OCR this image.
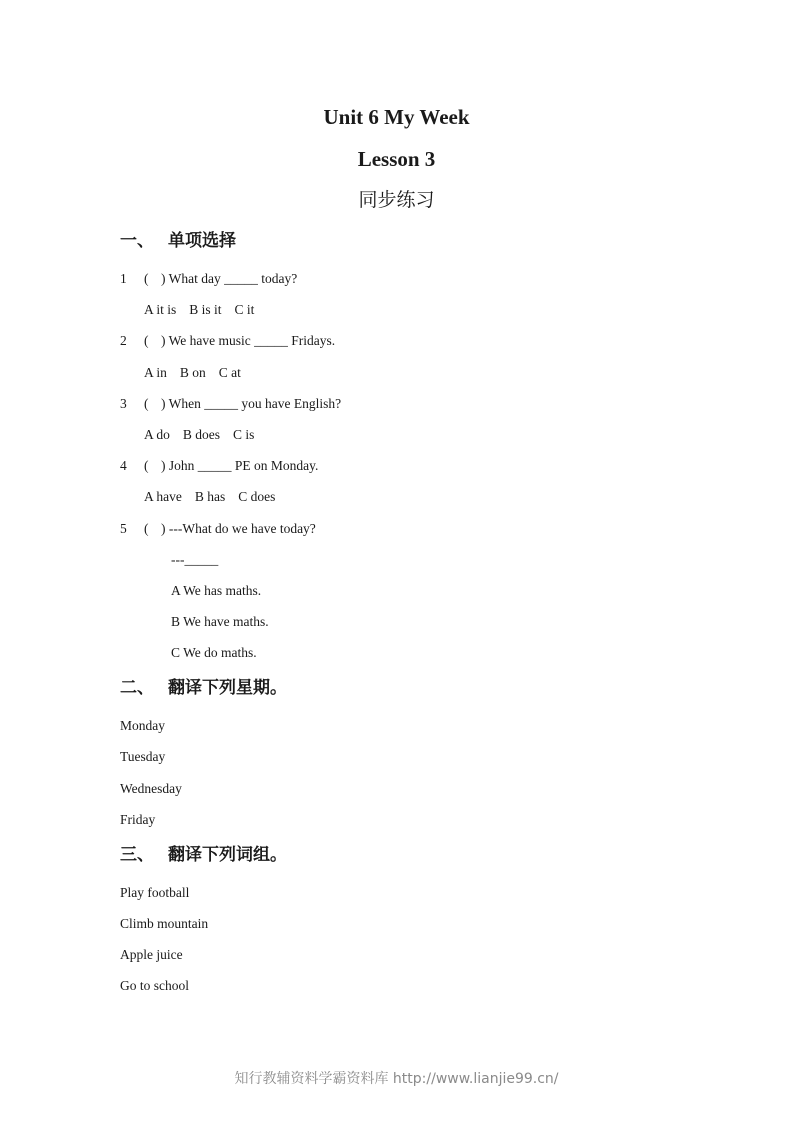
Unit 6 My Week
Lesson 3
同步练习
一、 单项选择
1 ( ) What day _____ today?
A it is B is it C it
2 ( ) We have music _____ Fridays.
A in B on C at
3 ( ) When _____ you have English?
A do B does C is
4 ( ) John _____ PE on Monday.
A have B has C does
5 ( ) ---What do we have today?
---_____
A We has maths.
B We have maths.
C We do maths.
二、 翻译下列星期。
Monday
Tuesday
Wednesday
Friday
三、 翻译下列词组。
Play football
Climb mountain
Apple juice
Go to school
知行教辅资料学霸资料库 http://www.lianjie99.cn/
